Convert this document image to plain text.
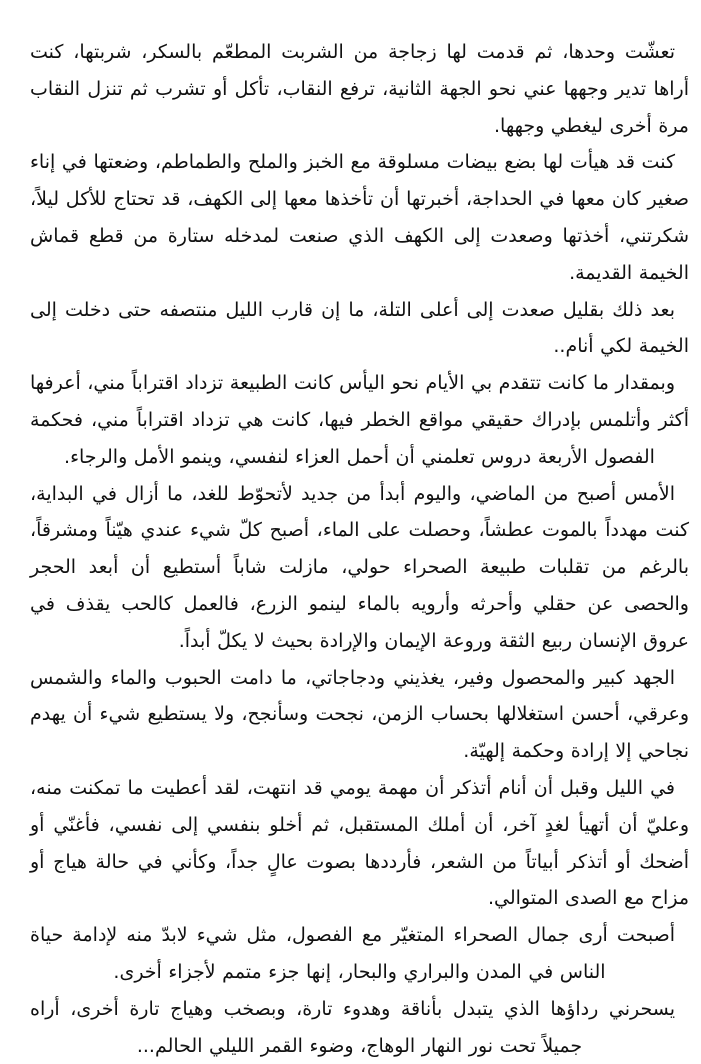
تعشّت وحدها، ثم قدمت لها زجاجة من الشربت المطعّم بالسكر، شربتها، كنت أراها تدير وجهها عني نحو الجهة الثانية، ترفع النقاب، تأكل أو تشرب ثم تنزل النقاب مرة أخرى ليغطي وجهها.

كنت قد هيأت لها بضع بيضات مسلوقة مع الخبز والملح والطماطم، وضعتها في إناء صغير كان معها في الحداجة، أخبرتها أن تأخذها معها إلى الكهف، قد تحتاج للأكل ليلاً، شكرتني، أخذتها وصعدت إلى الكهف الذي صنعت لمدخله ستارة من قطع قماش الخيمة القديمة.

بعد ذلك بقليل صعدت إلى أعلى التلة، ما إن قارب الليل منتصفه حتى دخلت إلى الخيمة لكي أنام..

وبمقدار ما كانت تتقدم بي الأيام نحو اليأس كانت الطبيعة تزداد اقتراباً مني، أعرفها أكثر وأتلمس بإدراك حقيقي مواقع الخطر فيها، كانت هي تزداد اقتراباً مني، فحكمة الفصول الأربعة دروس تعلمني أن أحمل العزاء لنفسي، وينمو الأمل والرجاء.

الأمس أصبح من الماضي، واليوم أبدأ من جديد لأتحوّط للغد، ما أزال في البداية، كنت مهدداً بالموت عطشاً، وحصلت على الماء، أصبح كلّ شيء عندي هيّناً ومشرقاً، بالرغم من تقلبات طبيعة الصحراء حولي، مازلت شاباً أستطيع أن أبعد الحجر والحصى عن حقلي وأحرثه وأرويه بالماء لينمو الزرع، فالعمل كالحب يقذف في عروق الإنسان ربيع الثقة وروعة الإيمان والإرادة بحيث لا يكلّ أبداً.

الجهد كبير والمحصول وفير، يغذيني ودجاجاتي، ما دامت الحبوب والماء والشمس وعرقي، أحسن استغلالها بحساب الزمن، نجحت وسأنجح، ولا يستطيع شيء أن يهدم نجاحي إلا إرادة وحكمة إلهيّة.

في الليل وقبل أن أنام أتذكر أن مهمة يومي قد انتهت، لقد أعطيت ما تمكنت منه، وعليّ أن أتهيأ لغدٍ آخر، أن أملك المستقبل، ثم أخلو بنفسي إلى نفسي، فأغنّي أو أضحك أو أتذكر أبياتاً من الشعر، فأرددها بصوت عالٍ جداً، وكأني في حالة هياج أو مزاح مع الصدى المتوالي.

أصبحت أرى جمال الصحراء المتغيّر مع الفصول، مثل شيء لابدّ منه لإدامة حياة الناس في المدن والبراري والبحار، إنها جزء متمم لأجزاء أخرى.

يسحرني رداؤها الذي يتبدل بأناقة وهدوء تارة، وبصخب وهياج تارة أخرى، أراه جميلاً تحت نور النهار الوهاج، وضوء القمر الليلي الحالم...
